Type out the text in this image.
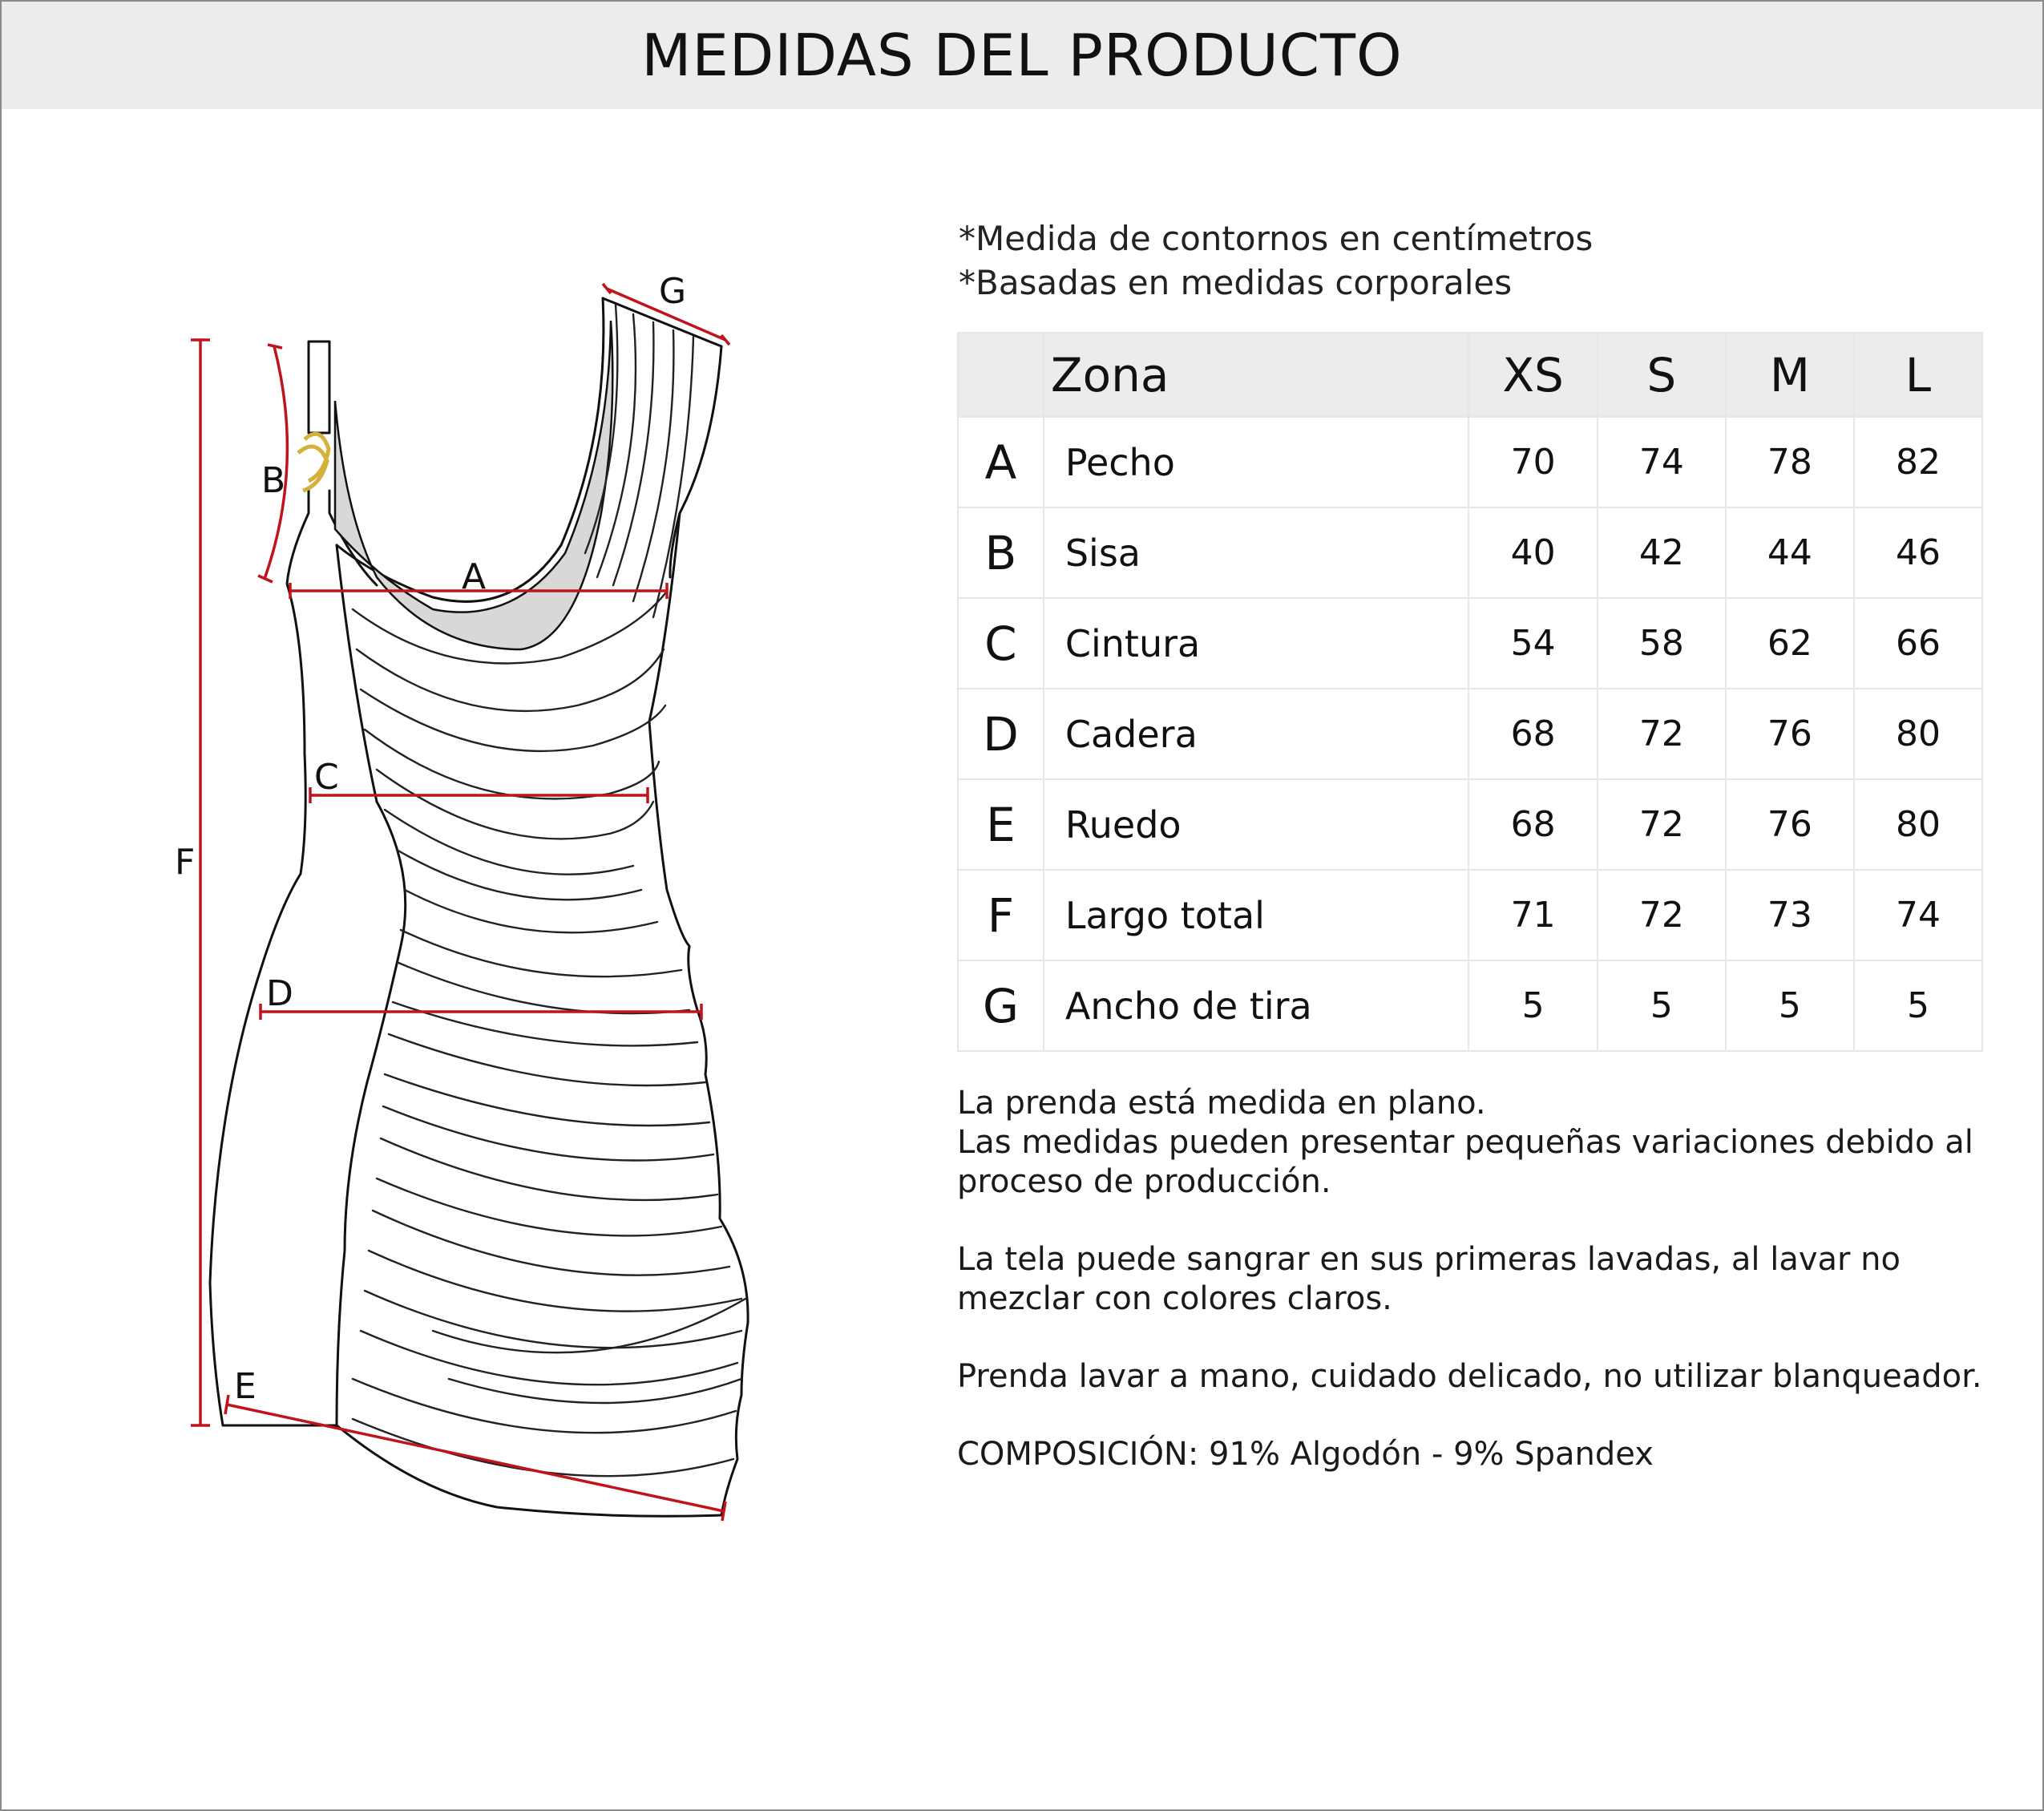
MEDIDAS DEL PRODUCTO
F
B
A
C
D
E
G
*Medida de contornos en centímetros
*Basadas en medidas corporales
	Zona	XS	S	M	L
A	Pecho	70	74	78	82
B	Sisa	40	42	44	46
C	Cintura	54	58	62	66
D	Cadera	68	72	76	80
E	Ruedo	68	72	76	80
F	Largo total	71	72	73	74
G	Ancho de tira	5	5	5	5

La prenda está medida en plano.
Las medidas pueden presentar pequeñas variaciones debido al
proceso de producción.

La tela puede sangrar en sus primeras lavadas, al lavar no
mezclar con colores claros.

Prenda lavar a mano, cuidado delicado, no utilizar blanqueador.

COMPOSICIÓN: 91% Algodón - 9% Spandex
